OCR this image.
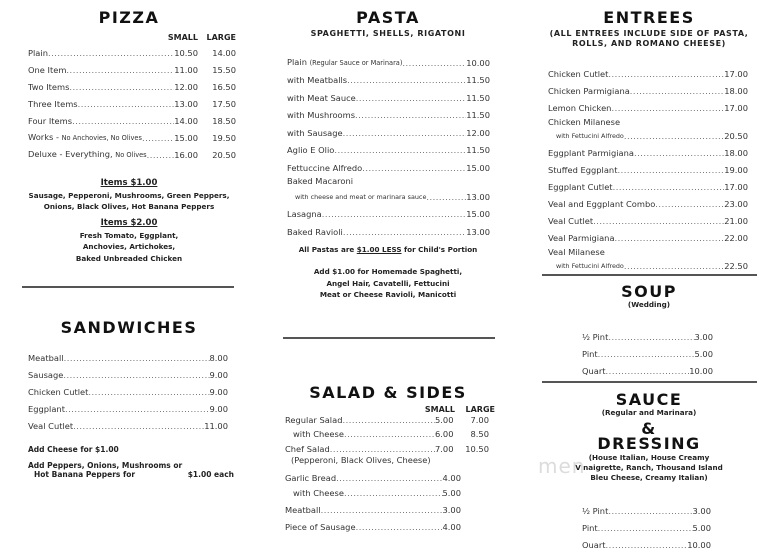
PIZZA
SMALL	LARGE
Plain .....	10.50	14.00
One Item .....	11.00	15.50
Two Items .....	12.00	16.50
Three Items .....	13.00	17.50
Four Items .....	14.00	18.50
Works - No Anchovies, No Olives .....	15.00	19.50
Deluxe - Everything, No Olives .....	16.00	20.50
Items $1.00
Sausage, Pepperoni, Mushrooms, Green Peppers,
Onions, Black Olives, Hot Banana Peppers
Items $2.00
Fresh Tomato, Eggplant,
Anchovies, Artichokes,
Baked Unbreaded Chicken
SANDWICHES
Meatball .....	8.00
Sausage .....	9.00
Chicken Cutlet .....	9.00
Eggplant .....	9.00
Veal Cutlet .....	11.00
Add Cheese for $1.00
Add Peppers, Onions, Mushrooms or
Hot Banana Peppers for	$1.00 each
PASTA
SPAGHETTI, SHELLS, RIGATONI
Plain (Regular Sauce or Marinara) .....	10.00
with Meatballs .....	11.50
with Meat Sauce .....	11.50
with Mushrooms .....	11.50
with Sausage .....	12.00
Aglio E Olio .....	11.50
Fettuccine Alfredo .....	15.00
Baked Macaroni
with cheese and meat or marinara sauce .....	13.00
Lasagna .....	15.00
Baked Ravioli .....	13.00
All Pastas are $1.00 LESS for Child's Portion
Add $1.00 for Homemade Spaghetti,
Angel Hair, Cavatelli, Fettucini
Meat or Cheese Ravioli, Manicotti
SALAD & SIDES
SMALL	LARGE
Regular Salad .....	5.00	7.00
with Cheese .....	6.00	8.50
Chef Salad .....	7.00	10.50
(Pepperoni, Black Olives, Cheese)
Garlic Bread .....	4.00
with Cheese .....	5.00
Meatball .....	3.00
Piece of Sausage .....	4.00
ENTREES
(ALL ENTREES INCLUDE SIDE OF PASTA,
ROLLS, AND ROMANO CHEESE)
Chicken Cutlet .....	17.00
Chicken Parmigiana .....	18.00
Lemon Chicken .....	17.00
Chicken Milanese
with Fettucini Alfredo .....	20.50
Eggplant Parmigiana .....	18.00
Stuffed Eggplant .....	19.00
Eggplant Cutlet .....	17.00
Veal and Eggplant Combo .....	23.00
Veal Cutlet .....	21.00
Veal Parmigiana .....	22.00
Veal Milanese
with Fettucini Alfredo .....	22.50
SOUP
(Wedding)
½ Pint .....	3.00
Pint .....	5.00
Quart .....	10.00
SAUCE
(Regular and Marinara)
&
DRESSING
(House Italian, House Creamy
Vinaigrette, Ranch, Thousand Island
Bleu Cheese, Creamy Italian)
½ Pint .....	3.00
Pint .....	5.00
Quart .....	10.00
men
